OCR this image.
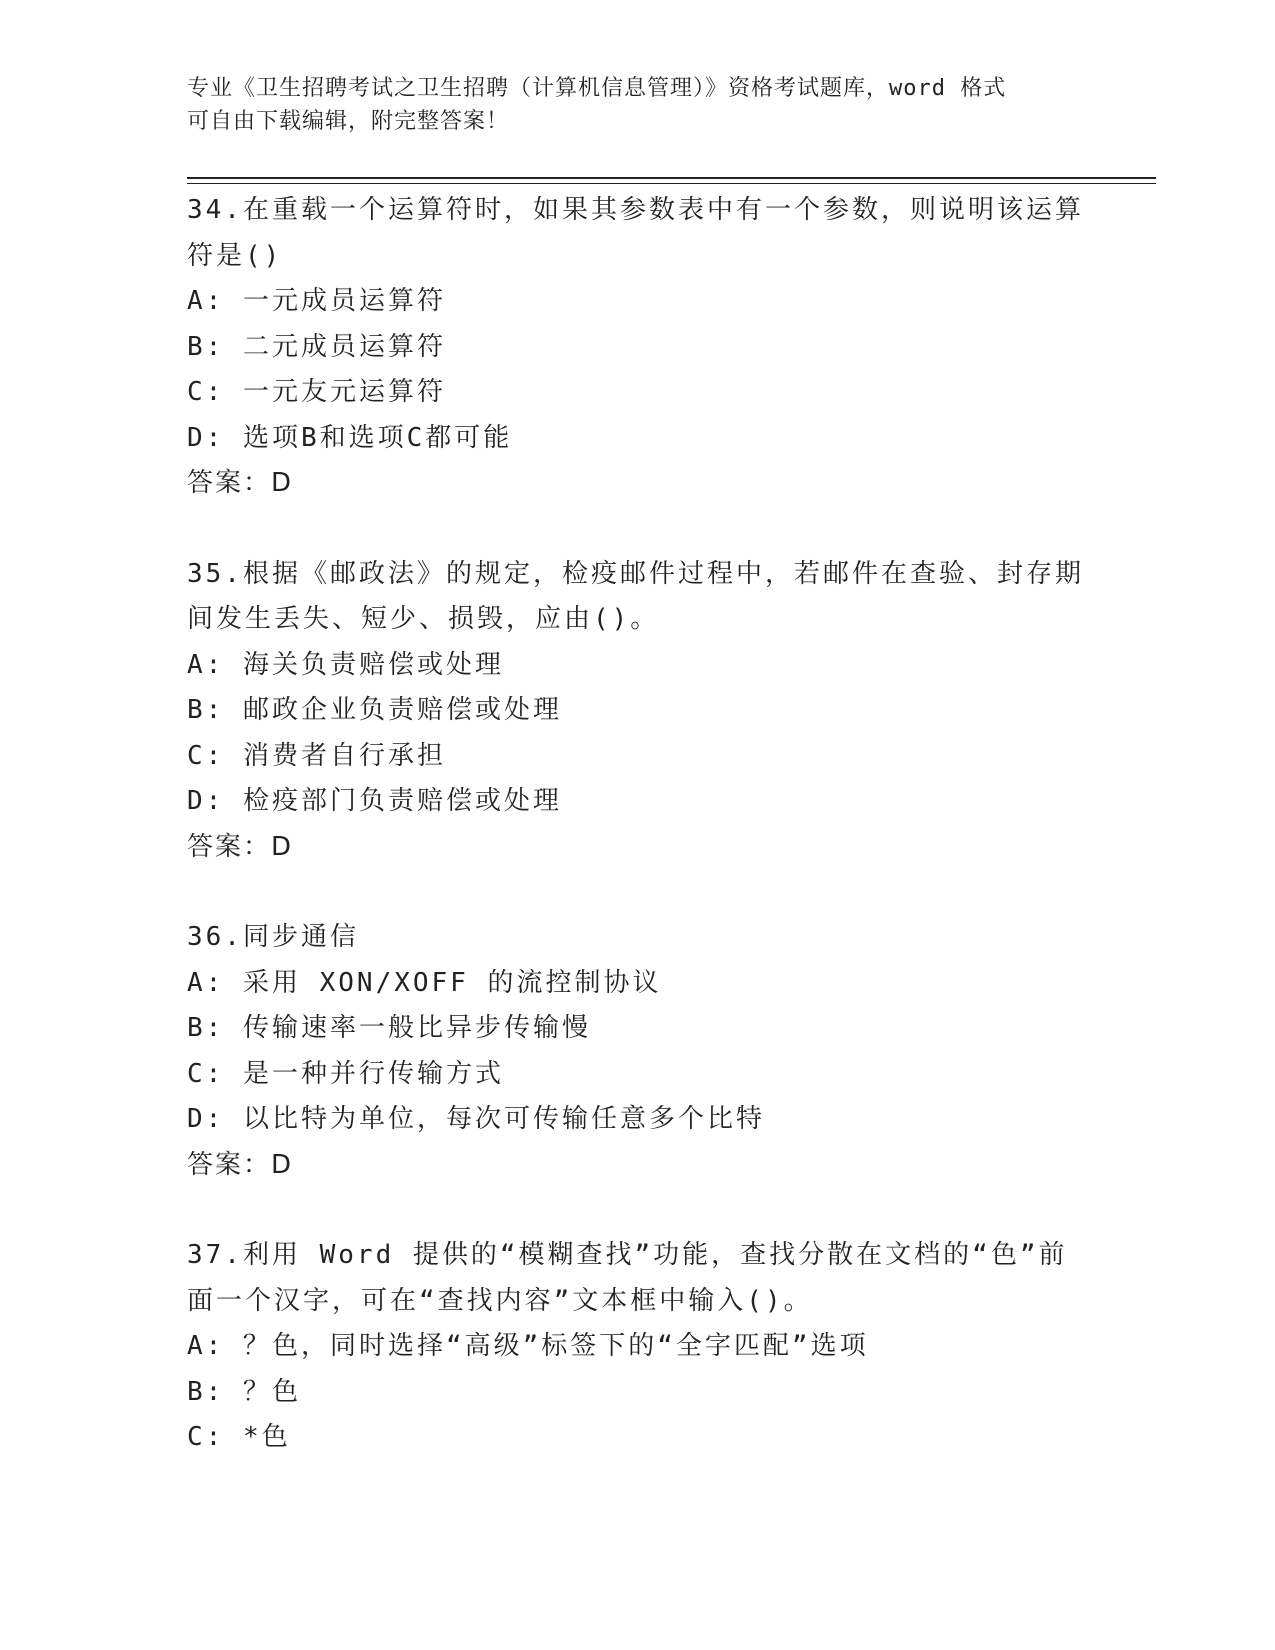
专业《卫生招聘考试之卫生招聘（计算机信息管理）》资格考试题库，word 格式
可自由下载编辑，附完整答案！
34.在重载一个运算符时，如果其参数表中有一个参数，则说明该运算
符是()
A: 一元成员运算符
B: 二元成员运算符
C: 一元友元运算符
D: 选项B和选项C都可能
答案：D
35.根据《邮政法》的规定，检疫邮件过程中，若邮件在查验、封存期
间发生丢失、短少、损毁，应由()。
A: 海关负责赔偿或处理
B: 邮政企业负责赔偿或处理
C: 消费者自行承担
D: 检疫部门负责赔偿或处理
答案：D
36.同步通信
A: 采用 XON/XOFF 的流控制协议
B: 传输速率一般比异步传输慢
C: 是一种并行传输方式
D: 以比特为单位，每次可传输任意多个比特
答案：D
37.利用 Word 提供的“模糊查找”功能，查找分散在文档的“色”前
面一个汉字，可在“查找内容”文本框中输入()。
A: ？色，同时选择“高级”标签下的“全字匹配”选项
B: ？色
C: *色
